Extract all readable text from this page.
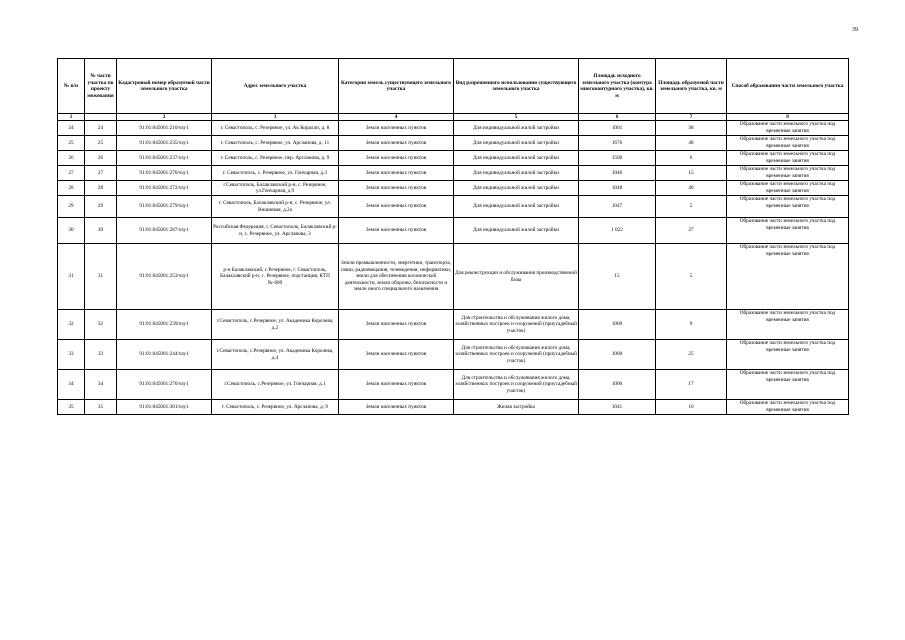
39
№ п/п	№ части участка по проекту межевания	Кадастровый номер образуемой части земельного участка	Адрес земельного участка	Категория земель существующего земельного участка	Вид разрешенного использования существующего земельного участка	Площадь исходного земельного участка (контура многоконтурного участка), кв. м	Площадь образуемой части земельного участка, кв. м	Способ образования части земельного участка
1		2	3	4	5	6	7	8
24	24	91:01:045001:210/чзу1	г. Севастополь, с. Резервное, ул. Ак Коралли, д. 8	Земли населенных пунктов	Для индивидуальной жилой застройки	1001	38	Образование части земельного участка под временные занятия
25	25	91:01:045001:235/чзу1	г. Севастополь, с. Резервное, ул. Арсланова, д. 11	Земли населенных пунктов	Для индивидуальной жилой застройки	1676	48	Образование части земельного участка под временные занятия
26	26	91:01:045001:237/чзу1	г. Севастополь, с. Резервное, пер. Арсланова, д. 9	Земли населенных пунктов	Для индивидуальной жилой застройки	1500	6	Образование части земельного участка под временные занятия
27	27	91:01:045001:270/чзу1	г. Севастополь, с. Резервное, ул. Гончарная, д.3	Земли населенных пунктов	Для индивидуальной жилой застройки	1046	15	Образование части земельного участка под временные занятия
28	28	91:01:045001:272/чзу1	г.Севастополь, Балаклавский р-н, с. Резервное, ул.Гончарная, д.9	Земли населенных пунктов	Для индивидуальной жилой застройки	1048	40	Образование части земельного участка под временные занятия
29	29	91:01:045001:279/чзу1	г. Севастополь, Балаклавский р-н, с. Резервное, ул. Вишневая, д.2а	Земли населенных пунктов	Для индивидуальной жилой застройки	1047	5	Образование части земельного участка под временные занятия
30	30	91:01:045001:287/чзу1	Российская Федерация, г. Севастополь, Балаклавский р-н, с. Резервное, ул. Арсланова, 3	Земли населенных пунктов	Для индивидуальной жилой застройки	1 022	27	Образование части земельного участка под временные занятия
31	31	91:01:045001:253/чзу1	р-н Балаклавский, с.Резервное, г. Севастополь, Балаклавский р-н, с. Резервное, подстанция, КТП №-609	Земли промышленности, энергетики, транспорта, связи, радиовещания, телевидения, информатики, земли для обеспечения космической деятельности, земли обороны, безопасности и земли иного специального назначения	Для реконструкции и обслуживания производственной базы	15	5	Образование части земельного участка под временные занятия
32	32	91:01:045001:239/чзу1	г.Севастополь, с.Резервное, ул. Академика Королева, д.2	Земли населенных пунктов	Для строительства и обслуживания жилого дома, хозяйственных построек и сооружений (приусадебный участок)	1000	9	Образование части земельного участка под временные занятия
33	33	91:01:045001:244/чзу1	г.Севастополь, с.Резервное, ул. Академика Королева, д.4	Земли населенных пунктов	Для строительства и обслуживания жилого дома, хозяйственных построек и сооружений (приусадебный участок)	1000	25	Образование части земельного участка под временные занятия
34	34	91:01:045001:276/чзу1	г.Севастополь, с.Резервное, ул. Гончарная, д.1	Земли населенных пунктов	Для строительства и обслуживания жилого дома, хозяйственных построек и сооружений (приусадебный участок)	1000	17	Образование части земельного участка под временные занятия
35	35	91:01:045001:301/чзу1	г. Севастополь, с. Резервное, ул. Арсланова, д. 9	Земли населенных пунктов	Жилая застройка	1041	10	Образование части земельного участка под временные занятия
